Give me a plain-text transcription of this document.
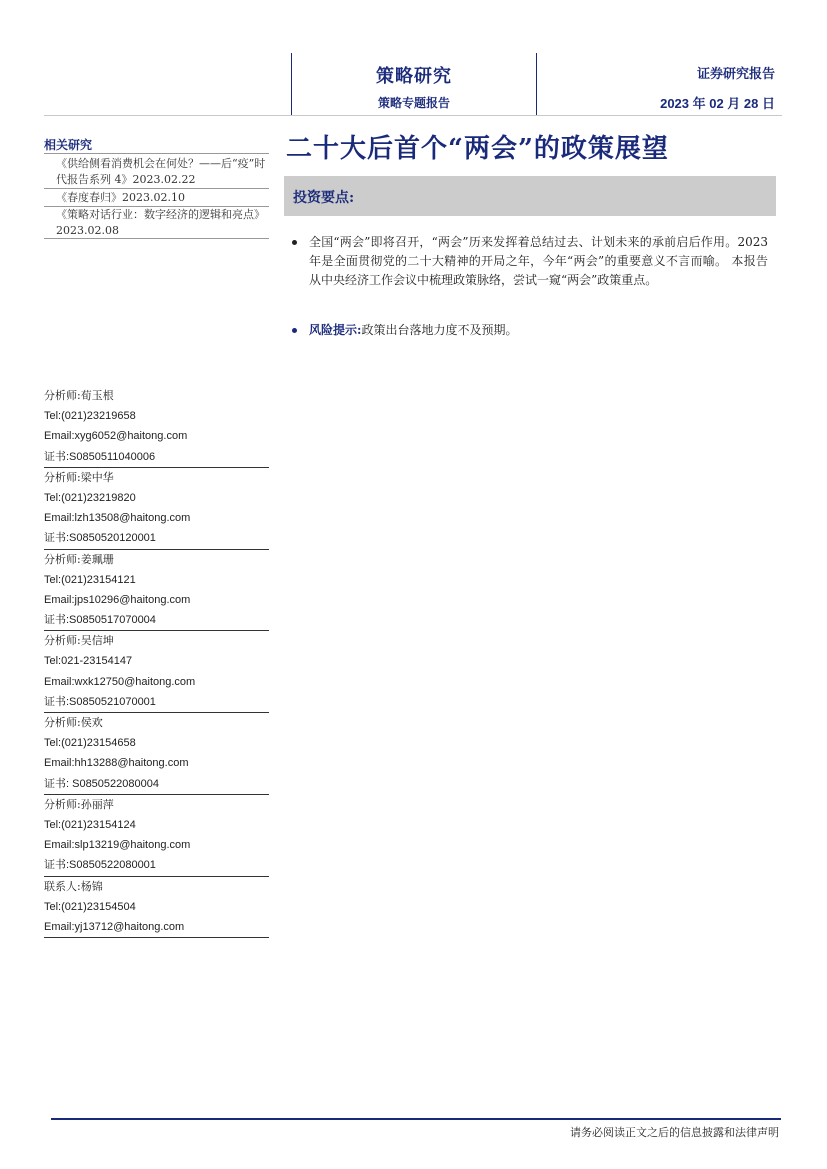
策略研究
策略专题报告
证券研究报告
2023 年 02 月 28 日
相关研究
《供给侧看消费机会在何处？——后“疫”时代报告系列 4》2023.02.22
《春度春归》2023.02.10
《策略对话行业：数字经济的逻辑和亮点》2023.02.08
分析师:荀玉根
Tel:(021)23219658
Email:xyg6052@haitong.com
证书:S0850511040006
分析师:梁中华
Tel:(021)23219820
Email:lzh13508@haitong.com
证书:S0850520120001
分析师:姜珮珊
Tel:(021)23154121
Email:jps10296@haitong.com
证书:S0850517070004
分析师:吴信坤
Tel:021-23154147
Email:wxk12750@haitong.com
证书:S0850521070001
分析师:侯欢
Tel:(021)23154658
Email:hh13288@haitong.com
证书: S0850522080004
分析师:孙丽萍
Tel:(021)23154124
Email:slp13219@haitong.com
证书:S0850522080001
联系人:杨锦
Tel:(021)23154504
Email:yj13712@haitong.com
二十大后首个“两会”的政策展望
投资要点:
全国“两会”即将召开，“两会”历来发挥着总结过去、计划未来的承前启后作用。2023 年是全面贯彻党的二十大精神的开局之年，今年“两会”的重要意义不言而喻。 本报告从中央经济工作会议中梳理政策脉络，尝试一窥“两会”政策重点。
风险提示:政策出台落地力度不及预期。
请务必阅读正文之后的信息披露和法律声明
